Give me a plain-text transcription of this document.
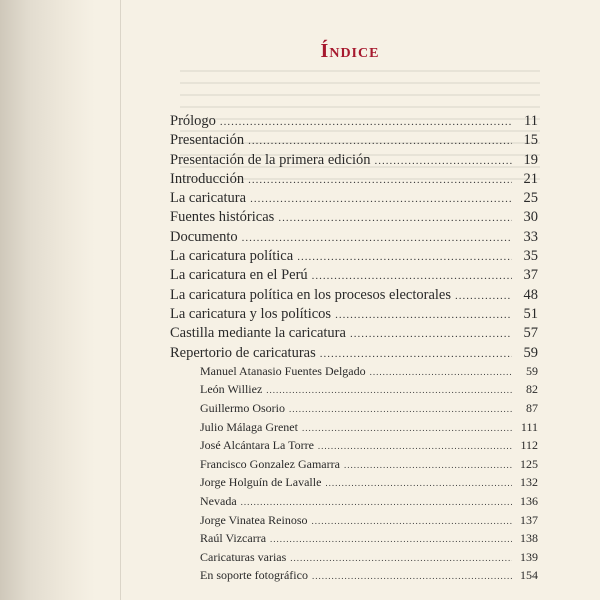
Índice
Prólogo .....	11
Presentación .....	15
Presentación de la primera edición .....	19
Introducción .....	21
La caricatura .....	25
Fuentes históricas .....	30
Documento .....	33
La caricatura política .....	35
La caricatura en el Perú .....	37
La caricatura política en los procesos electorales .....	48
La caricatura y los políticos .....	51
Castilla mediante la caricatura .....	57
Repertorio de caricaturas .....	59
Manuel Atanasio Fuentes Delgado .....	59
León Williez .....	82
Guillermo Osorio .....	87
Julio Málaga Grenet .....	111
José Alcántara La Torre .....	112
Francisco Gonzalez Gamarra .....	125
Jorge Holguín de Lavalle .....	132
Nevada .....	136
Jorge Vinatea Reinoso .....	137
Raúl Vizcarra .....	138
Caricaturas varias .....	139
En soporte fotográfico .....	154
